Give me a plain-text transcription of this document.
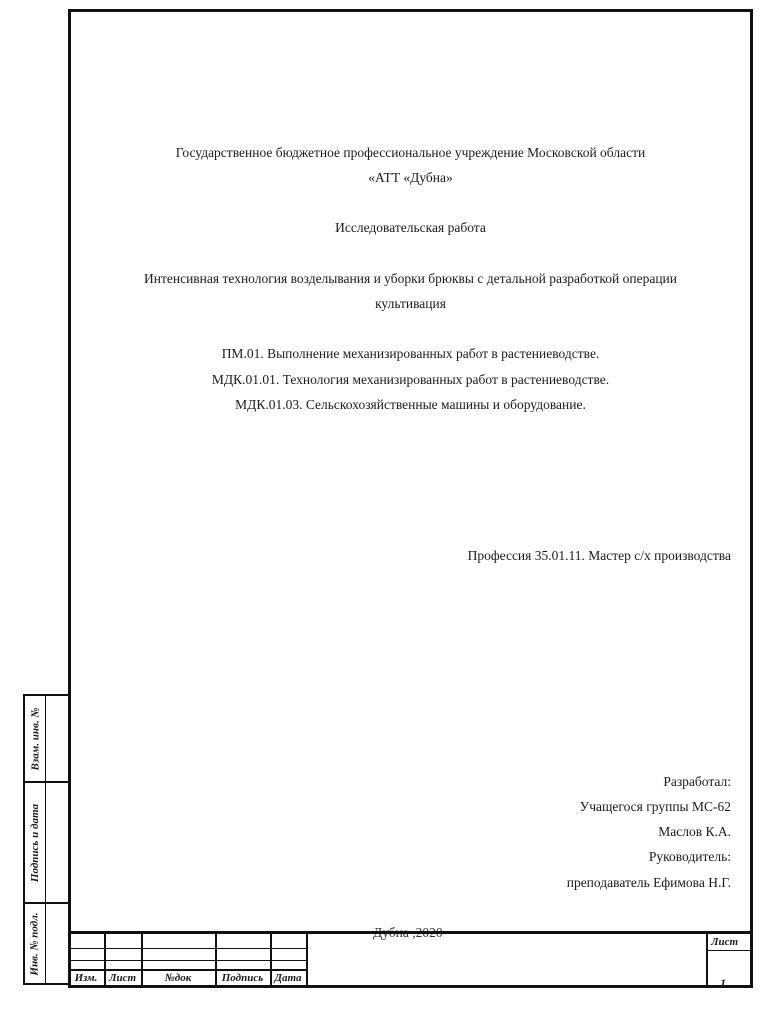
Государственное бюджетное профессиональное учреждение Московской области
«АТТ «Дубна»
Исследовательская работа
Интенсивная технология возделывания и уборки брюквы с детальной разработкой операции
культивация
ПМ.01. Выполнение механизированных работ в растениеводстве.
МДК.01.01. Технология механизированных работ в растениеводстве.
МДК.01.03. Сельскохозяйственные машины и оборудование.
Профессия 35.01.11. Мастер с/х производства
Разработал:
Учащегося группы МС-62
Маслов К.А.
Руководитель:
преподаватель Ефимова Н.Г.
Взам. инв. №
Подпись и дата
Инв. № подл.	Дубна ,2020
Изм.	Лист	№док	Подпись	Дата
Лист
1
